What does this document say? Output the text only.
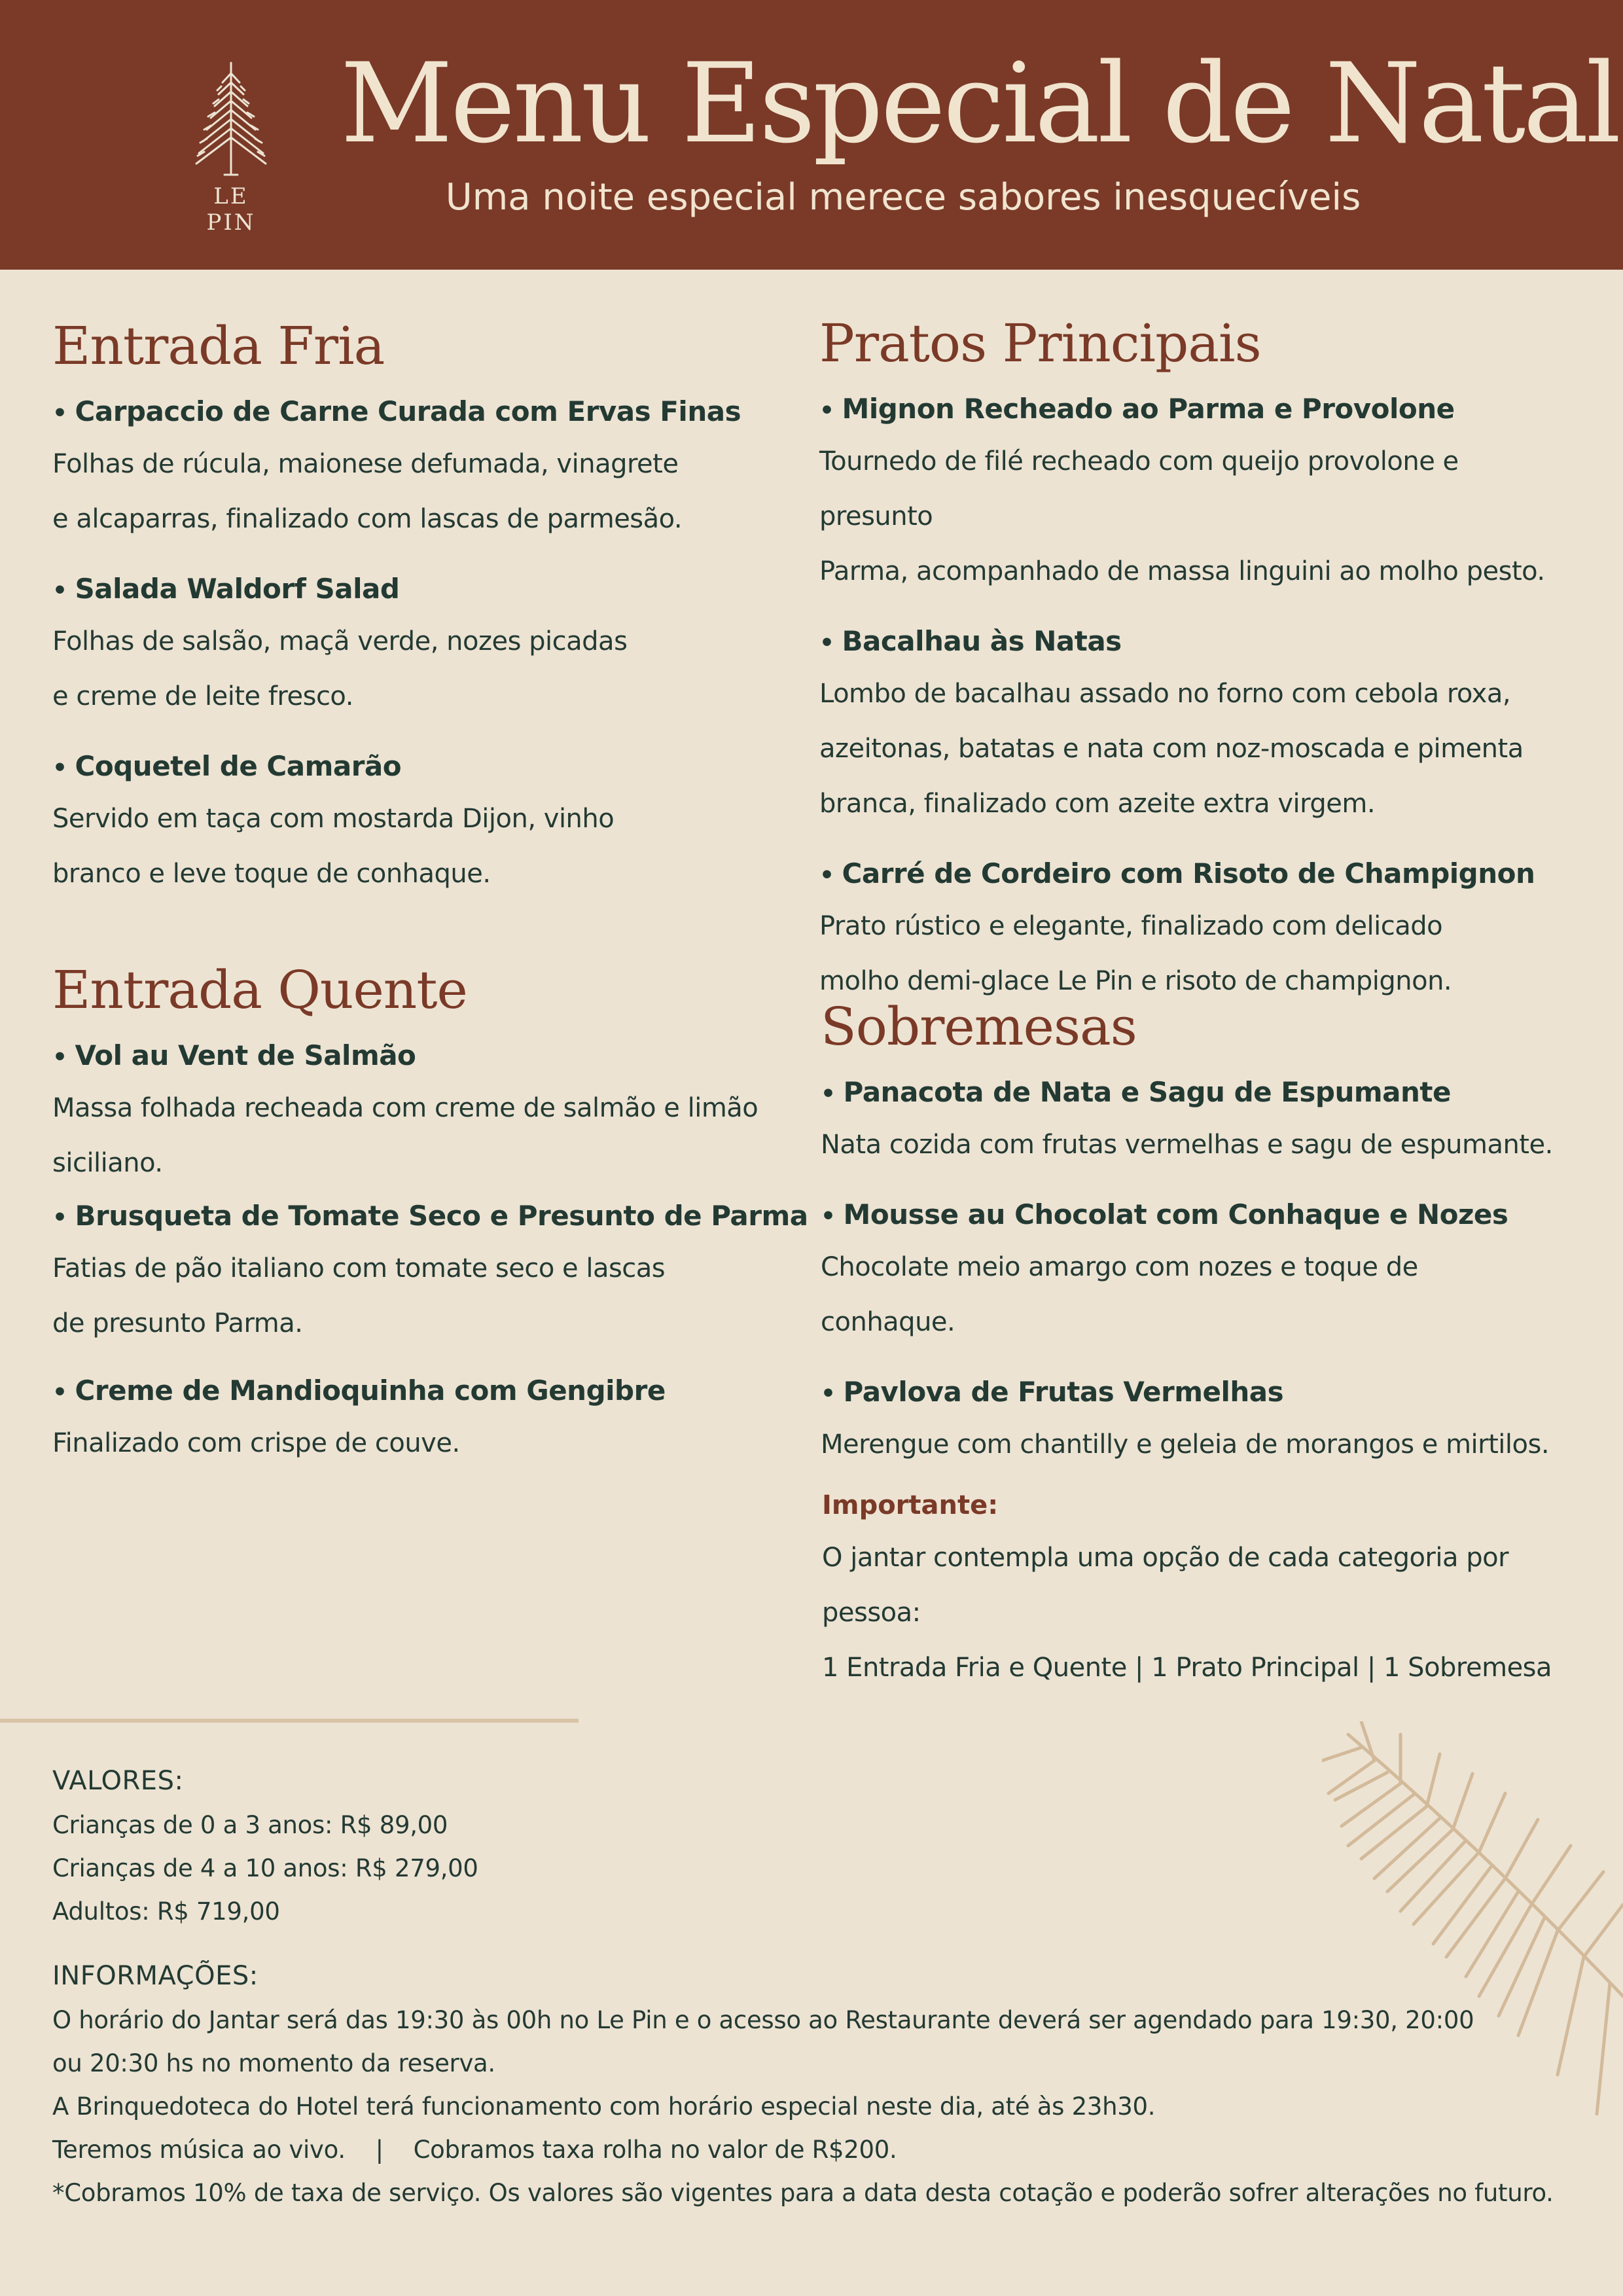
LE PIN
Menu Especial de Natal
Uma noite especial merece sabores inesquecíveis
Entrada Fria
• Carpaccio de Carne Curada com Ervas Finas
Folhas de rúcula, maionese defumada, vinagrete
e alcaparras, finalizado com lascas de parmesão.
• Salada Waldorf Salad
Folhas de salsão, maçã verde, nozes picadas
e creme de leite fresco.
• Coquetel de Camarão
Servido em taça com mostarda Dijon, vinho
branco e leve toque de conhaque.
Entrada Quente
• Vol au Vent de Salmão
Massa folhada recheada com creme de salmão e limão
siciliano.
• Brusqueta de Tomate Seco e Presunto de Parma
Fatias de pão italiano com tomate seco e lascas
de presunto Parma.
• Creme de Mandioquinha com Gengibre
Finalizado com crispe de couve.
Pratos Principais
• Mignon Recheado ao Parma e Provolone
Tournedo de filé recheado com queijo provolone e presunto
Parma, acompanhado de massa linguini ao molho pesto.
• Bacalhau às Natas
Lombo de bacalhau assado no forno com cebola roxa,
azeitonas, batatas e nata com noz-moscada e pimenta
branca, finalizado com azeite extra virgem.
• Carré de Cordeiro com Risoto de Champignon
Prato rústico e elegante, finalizado com delicado
molho demi-glace Le Pin e risoto de champignon.
Sobremesas
• Panacota de Nata e Sagu de Espumante
Nata cozida com frutas vermelhas e sagu de espumante.
• Mousse au Chocolat com Conhaque e Nozes
Chocolate meio amargo com nozes e toque de conhaque.
• Pavlova de Frutas Vermelhas
Merengue com chantilly e geleia de morangos e mirtilos.
Importante:
O jantar contempla uma opção de cada categoria por
pessoa:
1 Entrada Fria e Quente | 1 Prato Principal | 1 Sobremesa
VALORES:
Crianças de 0 a 3 anos: R$ 89,00
Crianças de 4 a 10 anos: R$ 279,00
Adultos: R$ 719,00
INFORMAÇÕES:
O horário do Jantar será das 19:30 às 00h no Le Pin e o acesso ao Restaurante deverá ser agendado para 19:30, 20:00
ou 20:30 hs no momento da reserva.
A Brinquedoteca do Hotel terá funcionamento com horário especial neste dia, até às 23h30.
Teremos música ao vivo.    |    Cobramos taxa rolha no valor de R$200.
*Cobramos 10% de taxa de serviço. Os valores são vigentes para a data desta cotação e poderão sofrer alterações no futuro.
